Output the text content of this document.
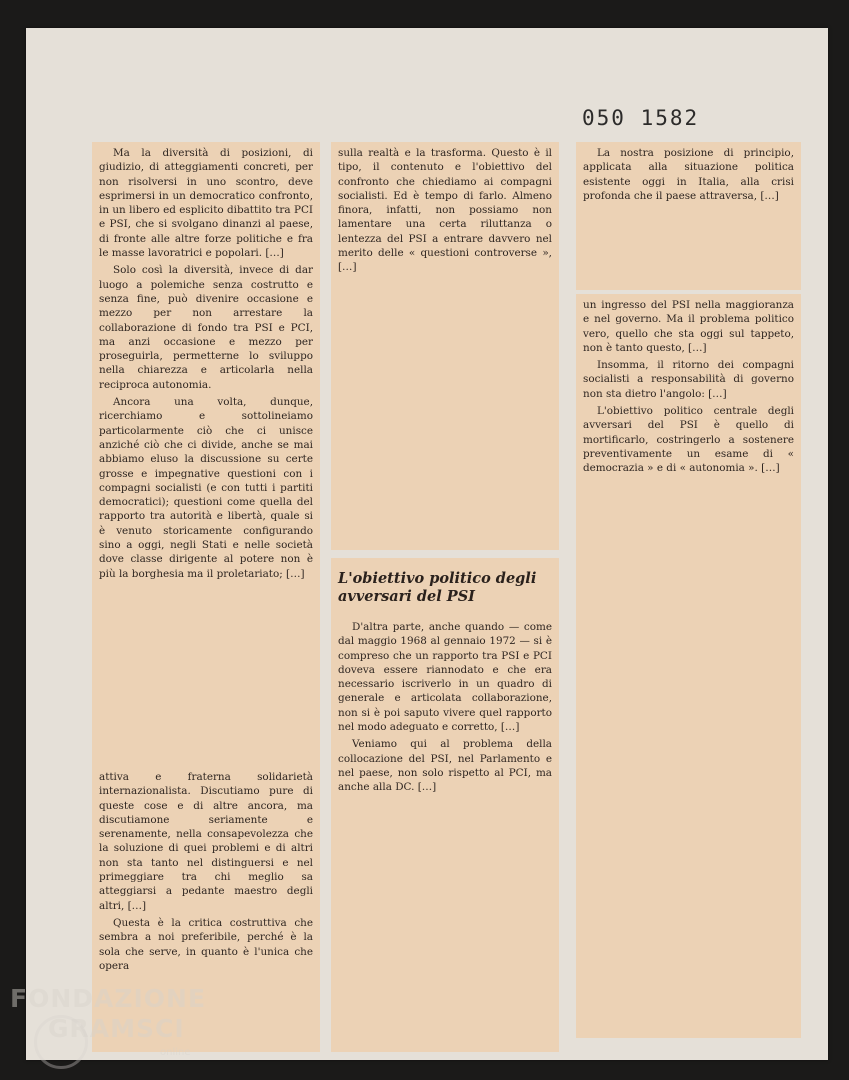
050 1582

Ma la diversità di posizioni, di giudizio, di atteggiamenti concreti, per non risolversi in uno scontro, deve esprimersi in un democratico confronto, in un libero ed esplicito dibattito tra PCI e PSI, che si svolgano dinanzi al paese, di fronte alle altre forze politiche e fra le masse lavoratrici e popolari. […]

Solo così la diversità, invece di dar luogo a polemiche senza costrutto e senza fine, può divenire occasione e mezzo per non arrestare la collaborazione di fondo tra PSI e PCI, ma anzi occasione e mezzo per proseguirla, permetterne lo sviluppo nella chiarezza e articolarla nella reciproca autonomia.

Ancora una volta, dunque, ricerchiamo e sottolineiamo particolarmente ciò che ci unisce anziché ciò che ci divide, anche se mai abbiamo eluso la discussione su certe grosse e impegnative questioni con i compagni socialisti (e con tutti i partiti democratici); questioni come quella del rapporto tra autorità e libertà, quale si è venuto storicamente configurando sino a oggi, negli Stati e nelle società dove classe dirigente al potere non è più la borghesia ma il proletariato; […]

attiva e fraterna solidarietà internazionalista. Discutiamo pure di queste cose e di altre ancora, ma discutiamone seriamente e serenamente, nella consapevolezza che la soluzione di quei problemi e di altri non sta tanto nel distinguersi e nel primeggiare tra chi meglio sa atteggiarsi a pedante maestro degli altri, […]

Questa è la critica costruttiva che sembra a noi preferibile, perché è la sola che serve, in quanto è l'unica che opera

sulla realtà e la trasforma. Questo è il tipo, il contenuto e l'obiettivo del confronto che chiediamo ai compagni socialisti. Ed è tempo di farlo. Almeno finora, infatti, non possiamo non lamentare una certa riluttanza o lentezza del PSI a entrare davvero nel merito delle « questioni controverse », […]

L'obiettivo politico degli avversari del PSI

D'altra parte, anche quando — come dal maggio 1968 al gennaio 1972 — si è compreso che un rapporto tra PSI e PCI doveva essere riannodato e che era necessario iscriverlo in un quadro di generale e articolata collaborazione, non si è poi saputo vivere quel rapporto nel modo adeguato e corretto, […]

Veniamo qui al problema della collocazione del PSI, nel Parlamento e nel paese, non solo rispetto al PCI, ma anche alla DC. […]

La nostra posizione di principio, applicata alla situazione politica esistente oggi in Italia, alla crisi profonda che il paese attraversa, […]

un ingresso del PSI nella maggioranza e nel governo. Ma il problema politico vero, quello che sta oggi sul tappeto, non è tanto questo, […]

Insomma, il ritorno dei compagni socialisti a responsabilità di governo non sta dietro l'angolo: […]

L'obiettivo politico centrale degli avversari del PSI è quello di mortificarlo, costringerlo a sostenere preventivamente un esame di « democrazia » e di « autonomia ». […]

FONDAZIONE
GRAMSCI
online
